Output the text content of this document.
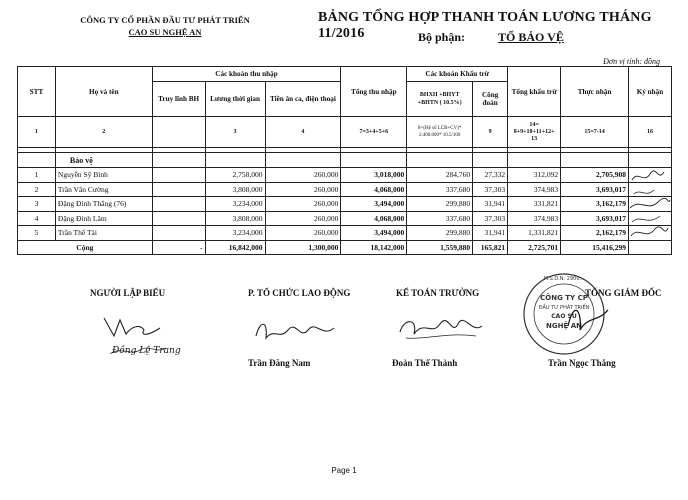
CÔNG TY CỔ PHẦN ĐẦU TƯ PHÁT TRIỂN
CAO SU NGHỆ AN
BẢNG TỔNG HỢP THANH TOÁN LƯƠNG THÁNG 11/2016	Bộ phận:	TỔ BẢO VỆ
Đơn vị tính: đồng
STT	Họ và tên	Các khoản thu nhập			Tổng thu nhập	Các khoản Khấu trừ		Tổng khấu trừ	Thực nhận	Ký nhận
		Truy lĩnh BH	Lương thời gian	Tiền ăn ca, điện thoại		BHXH +BHYT +BHTN ( 10.5%)	Công đoàn			
1	2		3	4	7=3+4+5+6	8=(Hệ số LCB+CV)* 2.400.000* 10.5/100	9	14= 8+9+10+11+12+ 13	15=7-14	16

	Bảo vệ									
1	Nguyễn Sỹ Bình		2,758,000	260,000	3,018,000	284,760	27,332	312,092	2,705,908	
2	Trần Văn Cường		3,808,000	260,000	4,068,000	337,680	37,303	374,983	3,693,017	
3	Đặng Đình Thắng (76)		3,234,000	260,000	3,494,000	299,880	31,941	331,821	3,162,179	
4	Đặng Đình Lâm		3,808,000	260,000	4,068,000	337,680	37,303	374,983	3,693,017	
5	Trần Thế Tài		3,234,000	260,000	3,494,000	299,880	31,941	1,331,821	2,162,179	
Cộng		-	16,842,000	1,300,000	18,142,000	1,559,880	165,821	2,725,701	15,416,299	
NGƯỜI LẬP BIỂU	P. TỔ CHỨC LAO ĐỘNG	KẾ TOÁN TRƯỞNG	TỔNG GIÁM ĐỐC
Đồng Lệ Trang
Trần Đăng Nam	Đoàn Thế Thành
M.S.D.N: 2900...
CÔNG TY CP
ĐẦU TƯ PHÁT TRIỂN
CAO SU
NGHỆ AN
Trần Ngọc Thắng
Page 1
